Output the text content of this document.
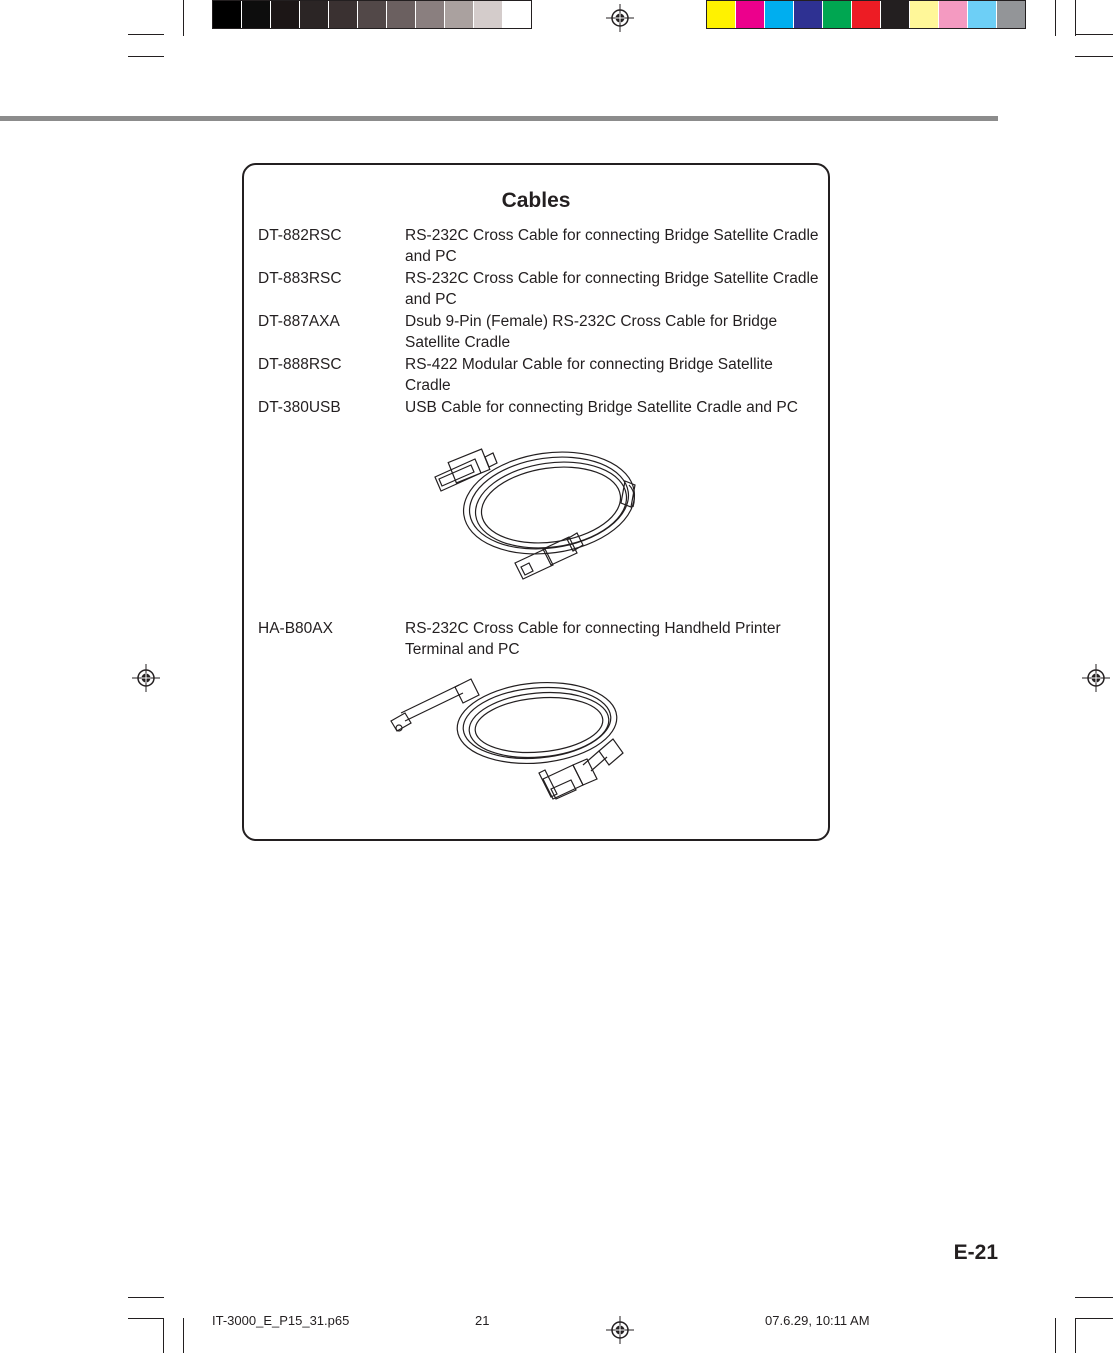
Cables
DT-882RSC	RS-232C Cross Cable for connecting Bridge Satellite Cradle and PC
DT-883RSC	RS-232C Cross Cable for connecting Bridge Satellite Cradle and PC
DT-887AXA	Dsub 9-Pin (Female) RS-232C Cross Cable for Bridge Satellite Cradle
DT-888RSC	RS-422 Modular Cable for connecting Bridge Satellite Cradle
DT-380USB	USB Cable for connecting Bridge Satellite Cradle and PC
HA-B80AX	RS-232C Cross Cable for connecting Handheld Printer Terminal and PC
E-21
IT-3000_E_P15_31.p65	21	07.6.29, 10:11 AM
